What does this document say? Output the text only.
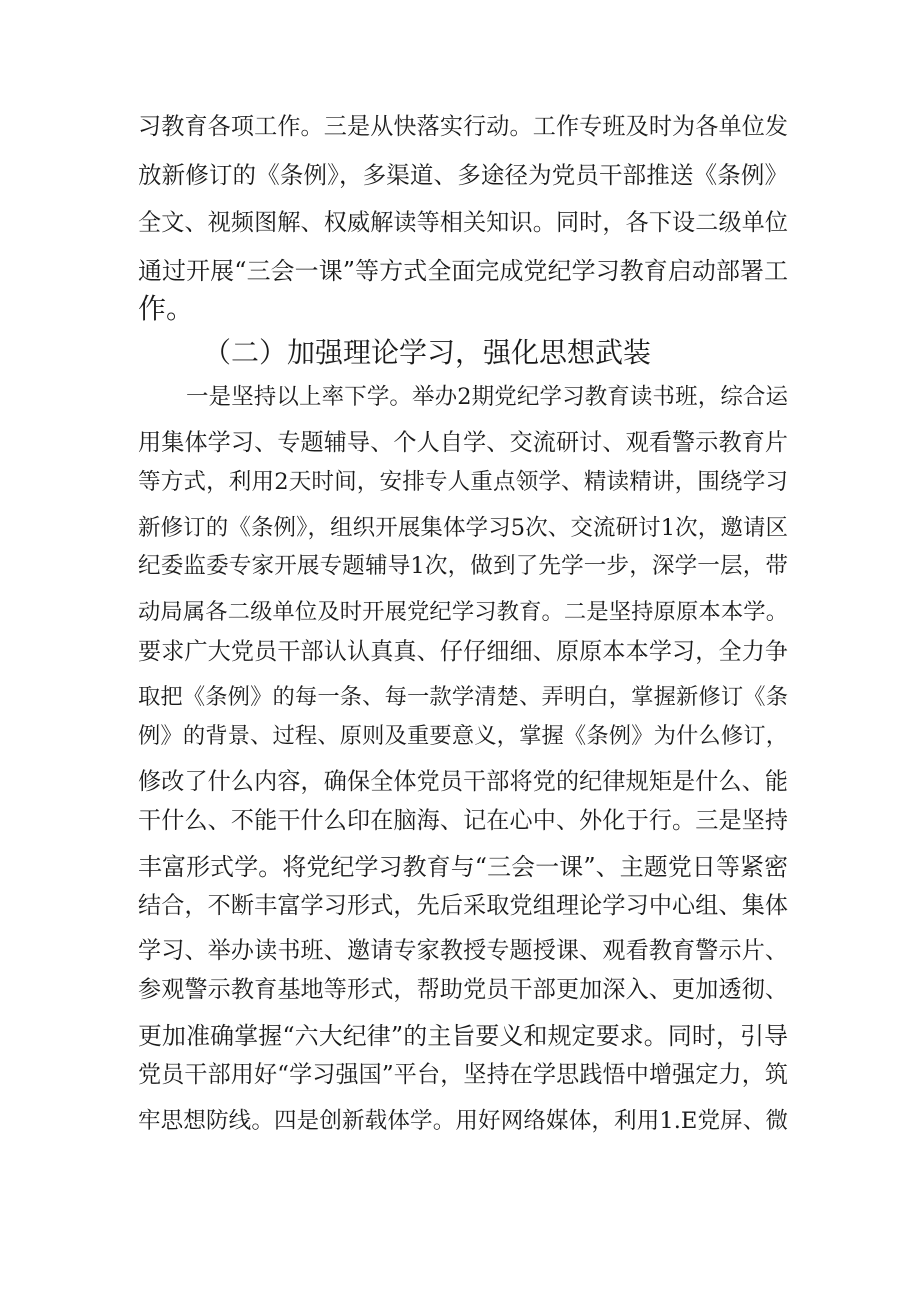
习教育各项工作。三是从快落实行动。工作专班及时为各单位发
放新修订的《条例》，多渠道、多途径为党员干部推送《条例》
全文、视频图解、权威解读等相关知识。同时，各下设二级单位
通过开展“三会一课”等方式全面完成党纪学习教育启动部署工
作。
（二）加强理论学习，强化思想武装
一是坚持以上率下学。举办2期党纪学习教育读书班，综合运
用集体学习、专题辅导、个人自学、交流研讨、观看警示教育片
等方式，利用2天时间，安排专人重点领学、精读精讲，围绕学习
新修订的《条例》，组织开展集体学习5次、交流研讨1次，邀请区
纪委监委专家开展专题辅导1次，做到了先学一步，深学一层，带
动局属各二级单位及时开展党纪学习教育。二是坚持原原本本学。
要求广大党员干部认认真真、仔仔细细、原原本本学习，全力争
取把《条例》的每一条、每一款学清楚、弄明白，掌握新修订《条
例》的背景、过程、原则及重要意义，掌握《条例》为什么修订，
修改了什么内容，确保全体党员干部将党的纪律规矩是什么、能
干什么、不能干什么印在脑海、记在心中、外化于行。三是坚持
丰富形式学。将党纪学习教育与“三会一课”、主题党日等紧密
结合，不断丰富学习形式，先后采取党组理论学习中心组、集体
学习、举办读书班、邀请专家教授专题授课、观看教育警示片、
参观警示教育基地等形式，帮助党员干部更加深入、更加透彻、
更加准确掌握“六大纪律”的主旨要义和规定要求。同时，引导
党员干部用好“学习强国”平台，坚持在学思践悟中增强定力，筑
牢思想防线。四是创新载体学。用好网络媒体，利用1.E党屏、微
